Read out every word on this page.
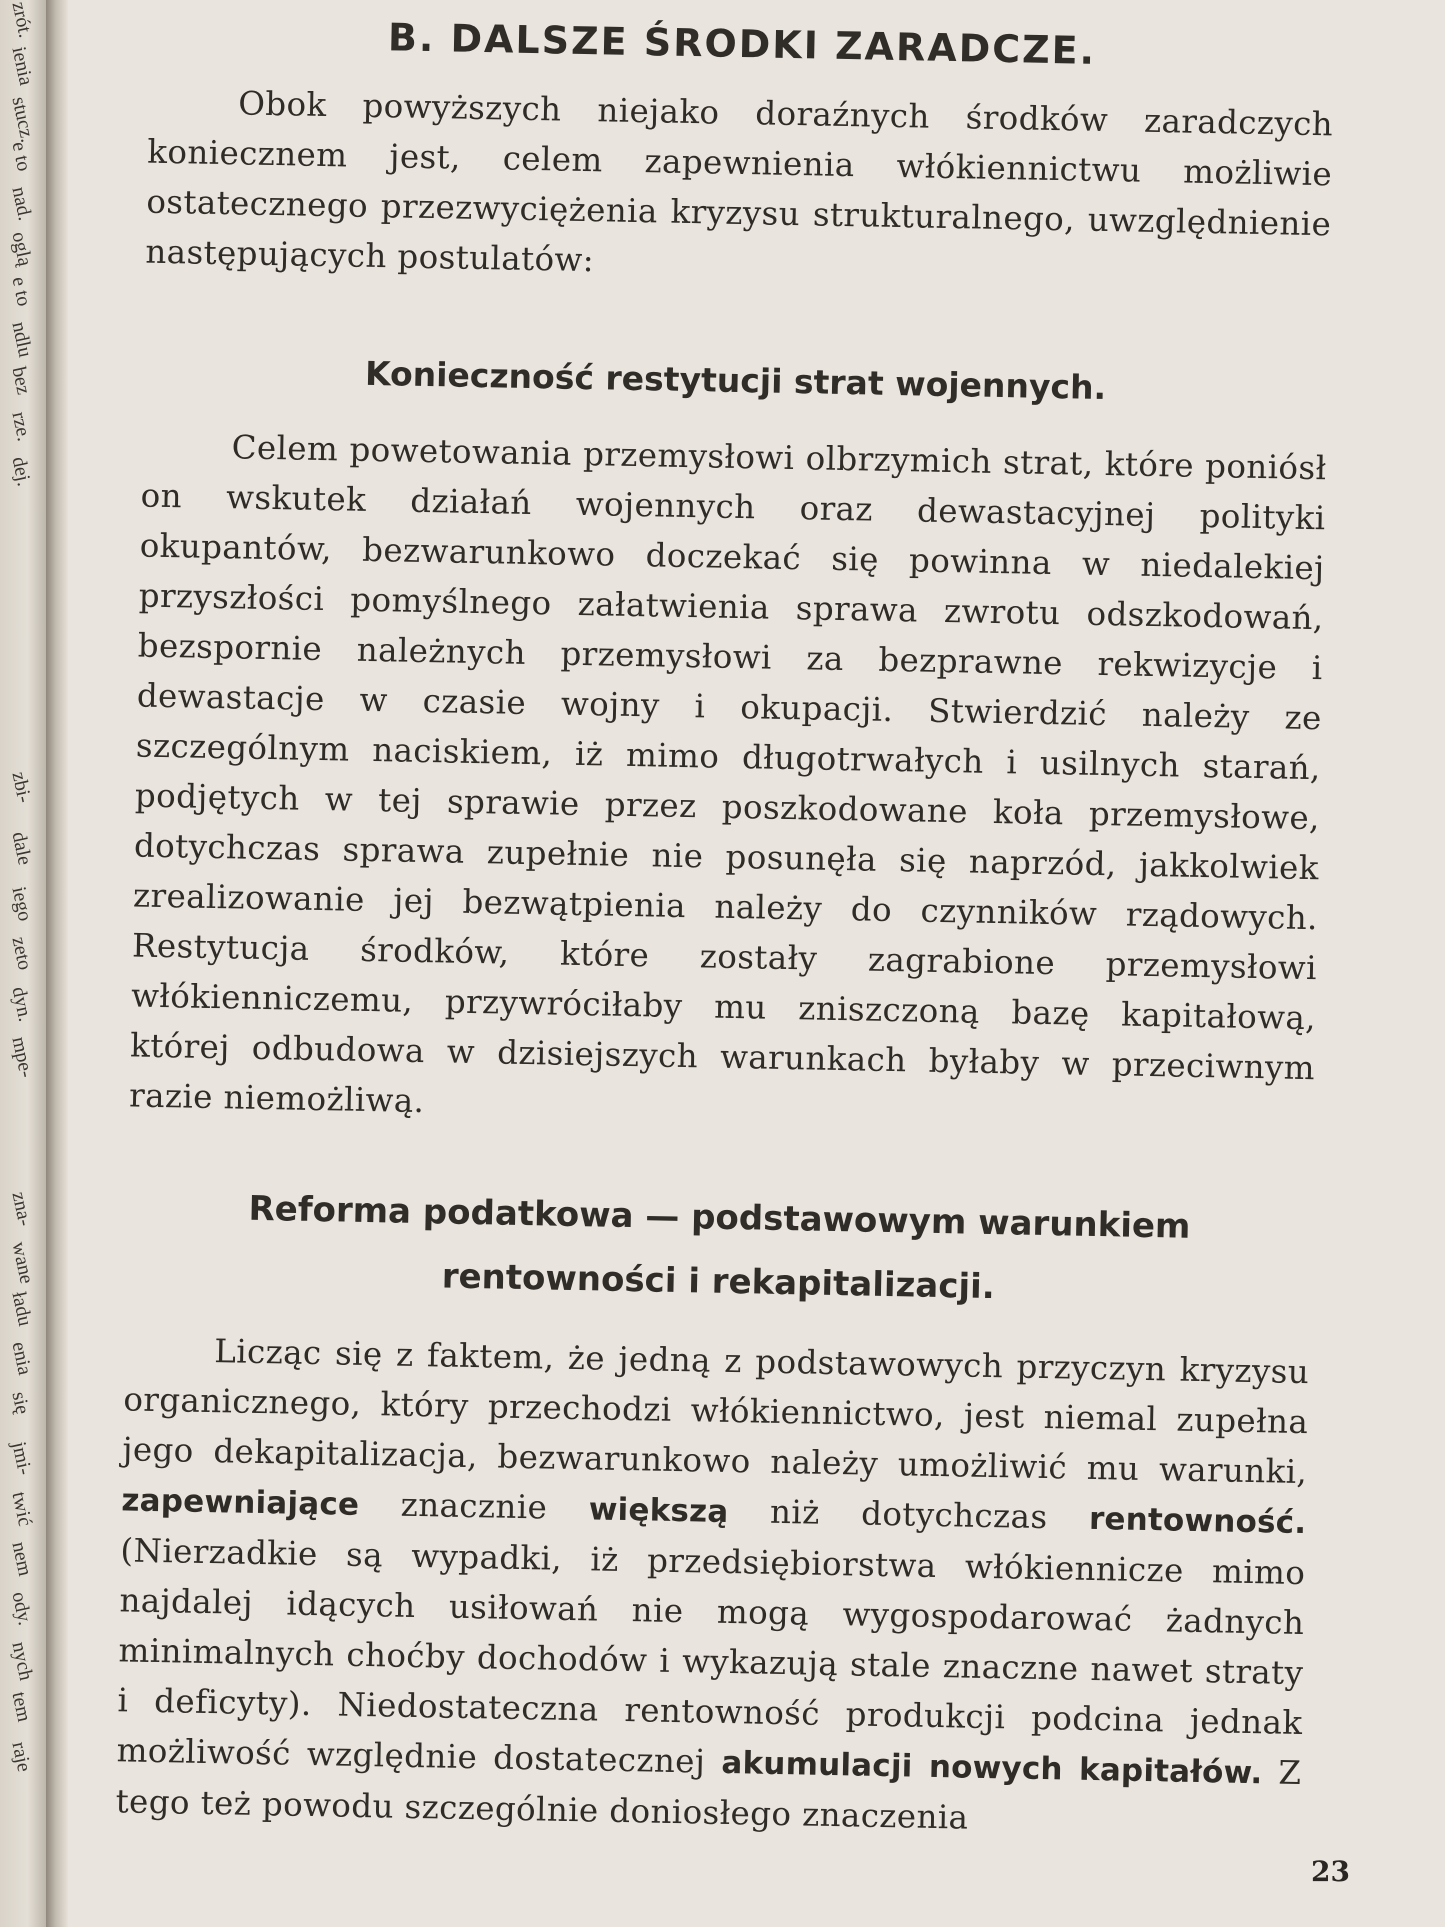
zrót.
ienia
stucz.
e to
nad.
oglą
e to
ndlu
bez
rze.
dej.
zbi-
dale
iego
zeto
dyn.
mpe-
zna-
wane
ładu
enia
się
jmi-
twić
nem
ody.
nych
tem
raje
B. DALSZE ŚRODKI ZARADCZE.

Obok powyższych niejako doraźnych środków zaradczych koniecznem jest, celem zapewnienia włókiennictwu możliwie ostatecznego przezwyciężenia kryzysu strukturalnego, uwzględnienie następujących postulatów:

Konieczność restytucji strat wojennych.

Celem powetowania przemysłowi olbrzymich strat, które poniósł on wskutek działań wojennych oraz dewastacyjnej polityki okupantów, bezwarunkowo doczekać się powinna w niedalekiej przyszłości pomyślnego załatwienia sprawa zwrotu odszkodowań, bezspornie należnych przemysłowi za bezprawne rekwizycje i dewastacje w czasie wojny i okupacji. Stwierdzić należy ze szczególnym naciskiem, iż mimo długotrwałych i usilnych starań, podjętych w tej sprawie przez poszkodowane koła przemysłowe, dotychczas sprawa zupełnie nie posunęła się naprzód, jakkolwiek zrealizowanie jej bezwątpienia należy do czynników rządowych. Restytucja środków, które zostały zagrabione przemysłowi włókienniczemu, przywróciłaby mu zniszczoną bazę kapitałową, której odbudowa w dzisiejszych warunkach byłaby w przeciwnym razie niemożliwą.

Reforma podatkowa — podstawowym warunkiem
rentowności i rekapitalizacji.

Licząc się z faktem, że jedną z podstawowych przyczyn kryzysu organicznego, który przechodzi włókiennictwo, jest niemal zupełna jego dekapitalizacja, bezwarunkowo należy umożliwić mu warunki, zapewniające znacznie większą niż dotychczas rentowność. (Nierzadkie są wypadki, iż przedsiębiorstwa włókiennicze mimo najdalej idących usiłowań nie mogą wygospodarować żadnych minimalnych choćby dochodów i wykazują stale znaczne nawet straty i deficyty). Niedostateczna rentowność produkcji podcina jednak możliwość względnie dostatecznej akumulacji nowych kapitałów. Z tego też powodu szczególnie doniosłego znaczenia

23
